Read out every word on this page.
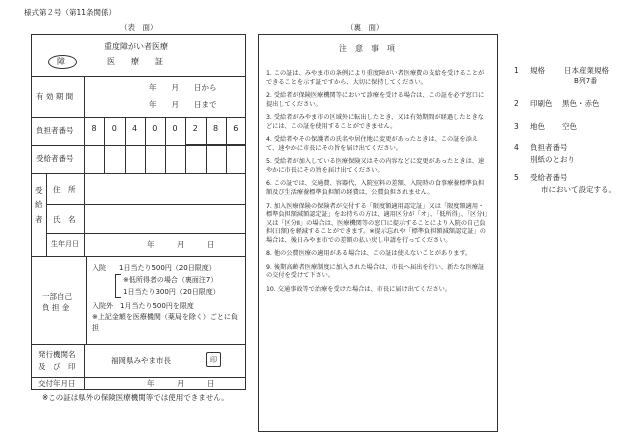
様式第２号（第11条関係）
（表　面）	（裏　面）
重度障がい者医療
障	医　　療　　証
有 効 期 間
年　　月　　日から
年　　月　　日まで
負担者番号	8	0	4	0	0	2	8	6
受給者番号
受　給　者
住　所
氏　名
生年月日	年　　　月　　　日
一部自己
負 担 金
入院 1日当たり500円（20日限度）
※低所得者の場合（裏面注7）
1日当たり300円（20日限度）
入院外　1月当たり500円を限度
※上記金額を医療機関（薬局を除く）ごとに負
担
発行機関名
及　び　印
福岡県みやま市長	印
交付年月日	年　　　月　　　日
※この証は県外の保険医療機関等では使用できません。
注　意　事　項

1. この証は、みやま市の条例により重度障がい者医療費の支給を受けることができることを示す証ですから、大切に保持してください。

2. 受給者が保険医療機関等において診療を受ける場合は、この証を必ず窓口に提出してください。

3. 受給者がみやま市の区域外に転出したとき、又は有効期間が経過したときなどには、この証を使用することができません。

4. 受給者やその保護者の氏名や居住地に変更があったときは、この証を添えて、速やかに市長にその旨を届け出てください。

5. 受給者が加入している医療保険又はその内容などに変更があったときは、速やかに市長にその旨を届け出てください。

6. この証では、交通費、容器代、入院室料の差額、入院時の食事療養標準負担額及び生活療養標準負担額の経費は、公費負担されません。

7. 加入医療保険の保険者が交付する「限度額適用認定証」又は「限度額適用・標準負担額減額認定証」をお持ちの方は、適用区分が「オ」、「低所得」、「区分Ⅰ」又は「区分Ⅱ」の場合は、医療機関等の窓口に提示することにより入院の自己負担(日額)を軽減することができます。※提示忘れや「標準負担額減額認定証」の場合は、後日みやま市での差額の払い戻し申請を行ってください。

8. 他の公費医療の適用がある場合は、この証は使えないことがあります。

9. 後期高齢者医療制度に加入された場合は、市長へ届出を行い、新たな医療証の交付を受けて下さい。

10. 交通事故等で治療を受けた場合は、市長に届け出てください。

1 規格	日本産業規格
B列7番
2 印刷色 黒色・赤色
3 地色 空色
4 負担者番号
別紙のとおり
5 受給者番号
市において設定する。
